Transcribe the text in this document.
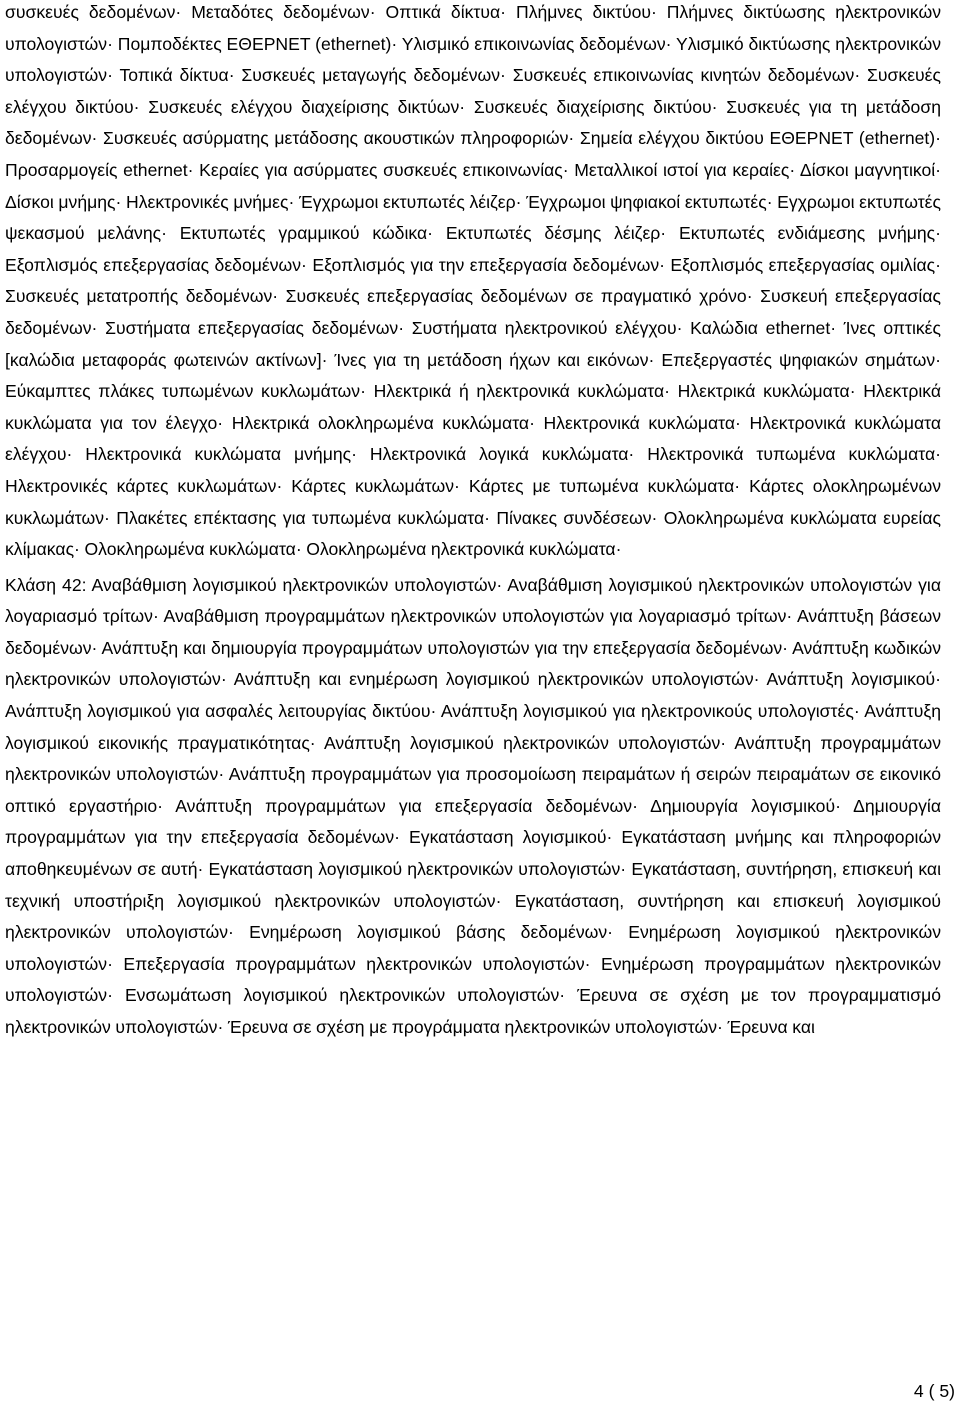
συσκευές δεδομένων· Μεταδότες δεδομένων· Οπτικά δίκτυα· Πλήμνες δικτύου· Πλήμνες δικτύωσης ηλεκτρονικών υπολογιστών· Πομποδέκτες ΕΘΕΡΝΕΤ (ethernet)· Υλισμικό επικοινωνίας δεδομένων· Υλισμικό δικτύωσης ηλεκτρονικών υπολογιστών· Τοπικά δίκτυα· Συσκευές μεταγωγής δεδομένων· Συσκευές επικοινωνίας κινητών δεδομένων· Συσκευές ελέγχου δικτύου· Συσκευές ελέγχου διαχείρισης δικτύων· Συσκευές διαχείρισης δικτύου· Συσκευές για τη μετάδοση δεδομένων· Συσκευές ασύρματης μετάδοσης ακουστικών πληροφοριών· Σημεία ελέγχου δικτύου ΕΘΕΡΝΕΤ (ethernet)· Προσαρμογείς ethernet· Κεραίες για ασύρματες συσκευές επικοινωνίας· Μεταλλικοί ιστοί για κεραίες· Δίσκοι μαγνητικοί· Δίσκοι μνήμης· Ηλεκτρονικές μνήμες· Έγχρωμοι εκτυπωτές λέιζερ· Έγχρωμοι ψηφιακοί εκτυπωτές· Εγχρωμοι εκτυπωτές ψεκασμού μελάνης· Εκτυπωτές γραμμικού κώδικα· Εκτυπωτές δέσμης λέιζερ· Εκτυπωτές ενδιάμεσης μνήμης· Εξοπλισμός επεξεργασίας δεδομένων· Εξοπλισμός για την επεξεργασία δεδομένων· Εξοπλισμός επεξεργασίας ομιλίας· Συσκευές μετατροπής δεδομένων· Συσκευές επεξεργασίας δεδομένων σε πραγματικό χρόνο· Συσκευή επεξεργασίας δεδομένων· Συστήματα επεξεργασίας δεδομένων· Συστήματα ηλεκτρονικού ελέγχου· Καλώδια ethernet· Ίνες οπτικές [καλώδια μεταφοράς φωτεινών ακτίνων]· Ίνες για τη μετάδοση ήχων και εικόνων· Επεξεργαστές ψηφιακών σημάτων· Εύκαμπτες πλάκες τυπωμένων κυκλωμάτων· Ηλεκτρικά ή ηλεκτρονικά κυκλώματα· Ηλεκτρικά κυκλώματα· Ηλεκτρικά κυκλώματα για τον έλεγχο· Ηλεκτρικά ολοκληρωμένα κυκλώματα· Ηλεκτρονικά κυκλώματα· Ηλεκτρονικά κυκλώματα ελέγχου· Ηλεκτρονικά κυκλώματα μνήμης· Ηλεκτρονικά λογικά κυκλώματα· Ηλεκτρονικά τυπωμένα κυκλώματα· Ηλεκτρονικές κάρτες κυκλωμάτων· Κάρτες κυκλωμάτων· Κάρτες με τυπωμένα κυκλώματα· Κάρτες ολοκληρωμένων κυκλωμάτων· Πλακέτες επέκτασης για τυπωμένα κυκλώματα· Πίνακες συνδέσεων· Ολοκληρωμένα κυκλώματα ευρείας κλίμακας· Ολοκληρωμένα κυκλώματα· Ολοκληρωμένα ηλεκτρονικά κυκλώματα·

Κλάση 42: Αναβάθμιση λογισμικού ηλεκτρονικών υπολογιστών· Αναβάθμιση λογισμικού ηλεκτρονικών υπολογιστών για λογαριασμό τρίτων· Αναβάθμιση προγραμμάτων ηλεκτρονικών υπολογιστών για λογαριασμό τρίτων· Ανάπτυξη βάσεων δεδομένων· Ανάπτυξη και δημιουργία προγραμμάτων υπολογιστών για την επεξεργασία δεδομένων· Ανάπτυξη κωδικών ηλεκτρονικών υπολογιστών· Ανάπτυξη και ενημέρωση λογισμικού ηλεκτρονικών υπολογιστών· Ανάπτυξη λογισμικού· Ανάπτυξη λογισμικού για ασφαλές λειτουργίας δικτύου· Ανάπτυξη λογισμικού για ηλεκτρονικούς υπολογιστές· Ανάπτυξη λογισμικού εικονικής πραγματικότητας· Ανάπτυξη λογισμικού ηλεκτρονικών υπολογιστών· Ανάπτυξη προγραμμάτων ηλεκτρονικών υπολογιστών· Ανάπτυξη προγραμμάτων για προσομοίωση πειραμάτων ή σειρών πειραμάτων σε εικονικό οπτικό εργαστήριο· Ανάπτυξη προγραμμάτων για επεξεργασία δεδομένων· Δημιουργία λογισμικού· Δημιουργία προγραμμάτων για την επεξεργασία δεδομένων· Εγκατάσταση λογισμικού· Εγκατάσταση μνήμης και πληροφοριών αποθηκευμένων σε αυτή· Εγκατάσταση λογισμικού ηλεκτρονικών υπολογιστών· Εγκατάσταση, συντήρηση, επισκευή και τεχνική υποστήριξη λογισμικού ηλεκτρονικών υπολογιστών· Εγκατάσταση, συντήρηση και επισκευή λογισμικού ηλεκτρονικών υπολογιστών· Ενημέρωση λογισμικού βάσης δεδομένων· Ενημέρωση λογισμικού ηλεκτρονικών υπολογιστών· Επεξεργασία προγραμμάτων ηλεκτρονικών υπολογιστών· Ενημέρωση προγραμμάτων ηλεκτρονικών υπολογιστών· Ενσωμάτωση λογισμικού ηλεκτρονικών υπολογιστών· Έρευνα σε σχέση με τον προγραμματισμό ηλεκτρονικών υπολογιστών· Έρευνα σε σχέση με προγράμματα ηλεκτρονικών υπολογιστών· Έρευνα και

4 ( 5)
